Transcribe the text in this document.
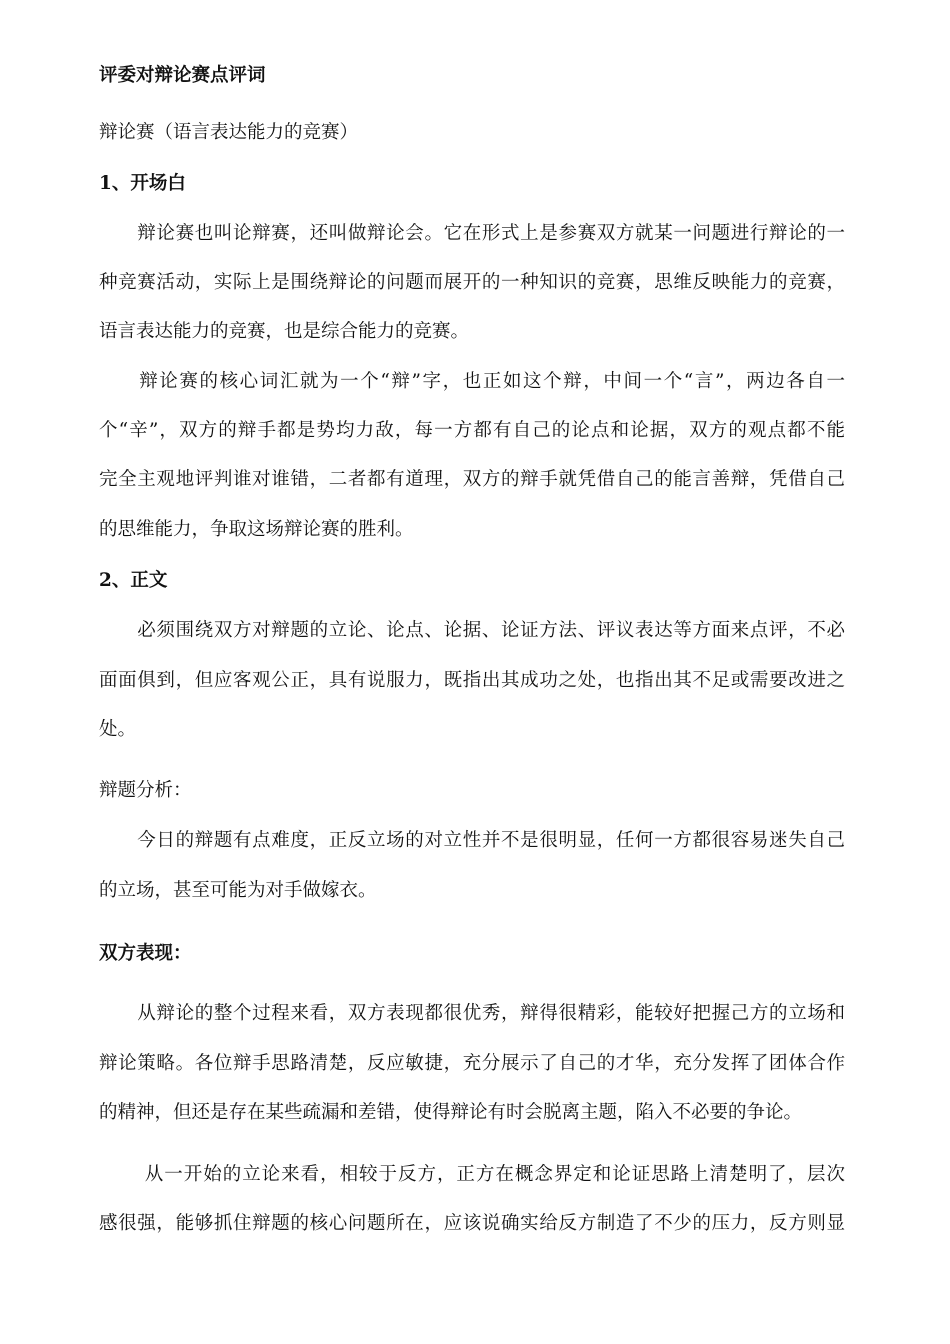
评委对辩论赛点评词
辩论赛（语言表达能力的竞赛）
1、开场白
　　辩论赛也叫论辩赛，还叫做辩论会。它在形式上是参赛双方就某一问题进行辩论的一
种竞赛活动，实际上是围绕辩论的问题而展开的一种知识的竞赛，思维反映能力的竞赛，
语言表达能力的竞赛，也是综合能力的竞赛。
　　辩论赛的核心词汇就为一个“辩”字，也正如这个辩，中间一个“言”，两边各自一
个“辛”，双方的辩手都是势均力敌，每一方都有自己的论点和论据，双方的观点都不能
完全主观地评判谁对谁错，二者都有道理，双方的辩手就凭借自己的能言善辩，凭借自己
的思维能力，争取这场辩论赛的胜利。
2、正文
　　必须围绕双方对辩题的立论、论点、论据、论证方法、评议表达等方面来点评，不必
面面俱到，但应客观公正，具有说服力，既指出其成功之处，也指出其不足或需要改进之
处。
辩题分析：
　　今日的辩题有点难度，正反立场的对立性并不是很明显，任何一方都很容易迷失自己
的立场，甚至可能为对手做嫁衣。
双方表现：
　　从辩论的整个过程来看，双方表现都很优秀，辩得很精彩，能较好把握己方的立场和
辩论策略。各位辩手思路清楚，反应敏捷，充分展示了自己的才华，充分发挥了团体合作
的精神，但还是存在某些疏漏和差错，使得辩论有时会脱离主题，陷入不必要的争论。
　　 从一开始的立论来看，相较于反方，正方在概念界定和论证思路上清楚明了，层次
感很强，能够抓住辩题的核心问题所在，应该说确实给反方制造了不少的压力，反方则显
